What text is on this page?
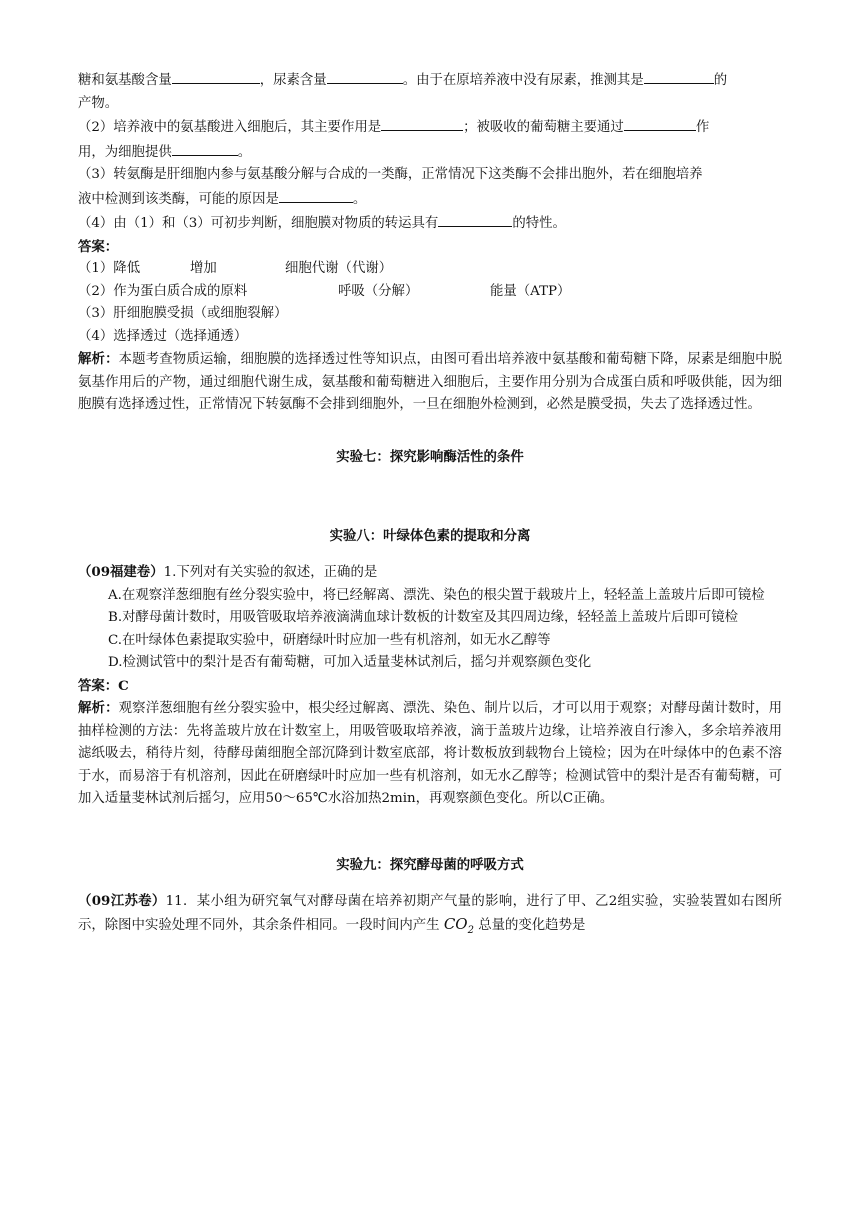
糖和氨基酸含量	，尿素含量	。由于在原培养液中没有尿素，推测其是	的

产物。

（2）培养液中的氨基酸进入细胞后，其主要作用是	；被吸收的葡萄糖主要通过	作

用，为细胞提供	。

（3）转氨酶是肝细胞内参与氨基酸分解与合成的一类酶，正常情况下这类酶不会排出胞外，若在细胞培养

液中检测到该类酶，可能的原因是	。

（4）由（1）和（3）可初步判断，细胞膜对物质的转运具有	的特性。

答案：

（1）降低	增加	细胞代谢（代谢）

（2）作为蛋白质合成的原料	呼吸（分解）	能量（ATP）

（3）肝细胞膜受损（或细胞裂解）

（4）选择透过（选择通透）

解析：本题考查物质运输，细胞膜的选择透过性等知识点，由图可看出培养液中氨基酸和葡萄糖下降，尿素是细胞中脱氨基作用后的产物，通过细胞代谢生成，氨基酸和葡萄糖进入细胞后，主要作用分别为合成蛋白质和呼吸供能，因为细胞膜有选择透过性，正常情况下转氨酶不会排到细胞外，一旦在细胞外检测到，必然是膜受损，失去了选择透过性。

实验七：探究影响酶活性的条件

实验八：叶绿体色素的提取和分离

（09福建卷）1.下列对有关实验的叙述，正确的是

A.在观察洋葱细胞有丝分裂实验中，将已经解离、漂洗、染色的根尖置于载玻片上，轻轻盖上盖玻片后即可镜检

B.对酵母菌计数时，用吸管吸取培养液滴满血球计数板的计数室及其四周边缘，轻轻盖上盖玻片后即可镜检

C.在叶绿体色素提取实验中，研磨绿叶时应加一些有机溶剂，如无水乙醇等

D.检测试管中的梨汁是否有葡萄糖，可加入适量斐林试剂后，摇匀并观察颜色变化

答案：C

解析：观察洋葱细胞有丝分裂实验中，根尖经过解离、漂洗、染色、制片以后，才可以用于观察；对酵母菌计数时，用抽样检测的方法：先将盖玻片放在计数室上，用吸管吸取培养液，滴于盖玻片边缘，让培养液自行渗入，多余培养液用滤纸吸去，稍待片刻，待酵母菌细胞全部沉降到计数室底部，将计数板放到载物台上镜检；因为在叶绿体中的色素不溶于水，而易溶于有机溶剂，因此在研磨绿叶时应加一些有机溶剂，如无水乙醇等；检测试管中的梨汁是否有葡萄糖，可加入适量斐林试剂后摇匀，应用50～65℃水浴加热2min，再观察颜色变化。所以C正确。

实验九：探究酵母菌的呼吸方式

（09江苏卷）11．某小组为研究氧气对酵母菌在培养初期产气量的影响，进行了甲、乙2组实验，实验装置如右图所示，除图中实验处理不同外，其余条件相同。一段时间内产生 $CO_2$ 总量的变化趋势是
